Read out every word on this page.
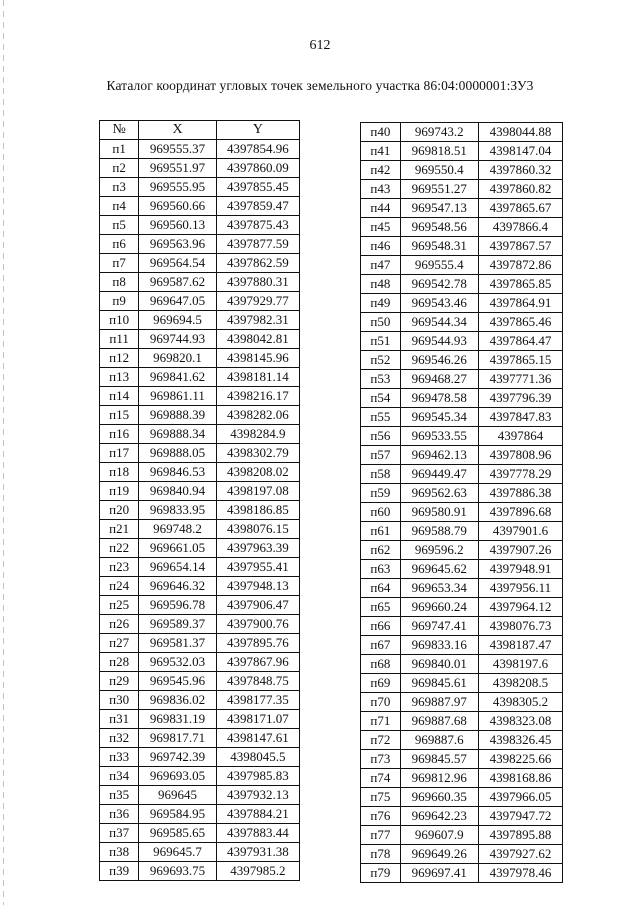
612
Каталог координат угловых точек земельного участка 86:04:0000001:ЗУ3
№	X	Y
п1	969555.37	4397854.96
п2	969551.97	4397860.09
п3	969555.95	4397855.45
п4	969560.66	4397859.47
п5	969560.13	4397875.43
п6	969563.96	4397877.59
п7	969564.54	4397862.59
п8	969587.62	4397880.31
п9	969647.05	4397929.77
п10	969694.5	4397982.31
п11	969744.93	4398042.81
п12	969820.1	4398145.96
п13	969841.62	4398181.14
п14	969861.11	4398216.17
п15	969888.39	4398282.06
п16	969888.34	4398284.9
п17	969888.05	4398302.79
п18	969846.53	4398208.02
п19	969840.94	4398197.08
п20	969833.95	4398186.85
п21	969748.2	4398076.15
п22	969661.05	4397963.39
п23	969654.14	4397955.41
п24	969646.32	4397948.13
п25	969596.78	4397906.47
п26	969589.37	4397900.76
п27	969581.37	4397895.76
п28	969532.03	4397867.96
п29	969545.96	4397848.75
п30	969836.02	4398177.35
п31	969831.19	4398171.07
п32	969817.71	4398147.61
п33	969742.39	4398045.5
п34	969693.05	4397985.83
п35	969645	4397932.13
п36	969584.95	4397884.21
п37	969585.65	4397883.44
п38	969645.7	4397931.38
п39	969693.75	4397985.2
п40	969743.2	4398044.88
п41	969818.51	4398147.04
п42	969550.4	4397860.32
п43	969551.27	4397860.82
п44	969547.13	4397865.67
п45	969548.56	4397866.4
п46	969548.31	4397867.57
п47	969555.4	4397872.86
п48	969542.78	4397865.85
п49	969543.46	4397864.91
п50	969544.34	4397865.46
п51	969544.93	4397864.47
п52	969546.26	4397865.15
п53	969468.27	4397771.36
п54	969478.58	4397796.39
п55	969545.34	4397847.83
п56	969533.55	4397864
п57	969462.13	4397808.96
п58	969449.47	4397778.29
п59	969562.63	4397886.38
п60	969580.91	4397896.68
п61	969588.79	4397901.6
п62	969596.2	4397907.26
п63	969645.62	4397948.91
п64	969653.34	4397956.11
п65	969660.24	4397964.12
п66	969747.41	4398076.73
п67	969833.16	4398187.47
п68	969840.01	4398197.6
п69	969845.61	4398208.5
п70	969887.97	4398305.2
п71	969887.68	4398323.08
п72	969887.6	4398326.45
п73	969845.57	4398225.66
п74	969812.96	4398168.86
п75	969660.35	4397966.05
п76	969642.23	4397947.72
п77	969607.9	4397895.88
п78	969649.26	4397927.62
п79	969697.41	4397978.46
